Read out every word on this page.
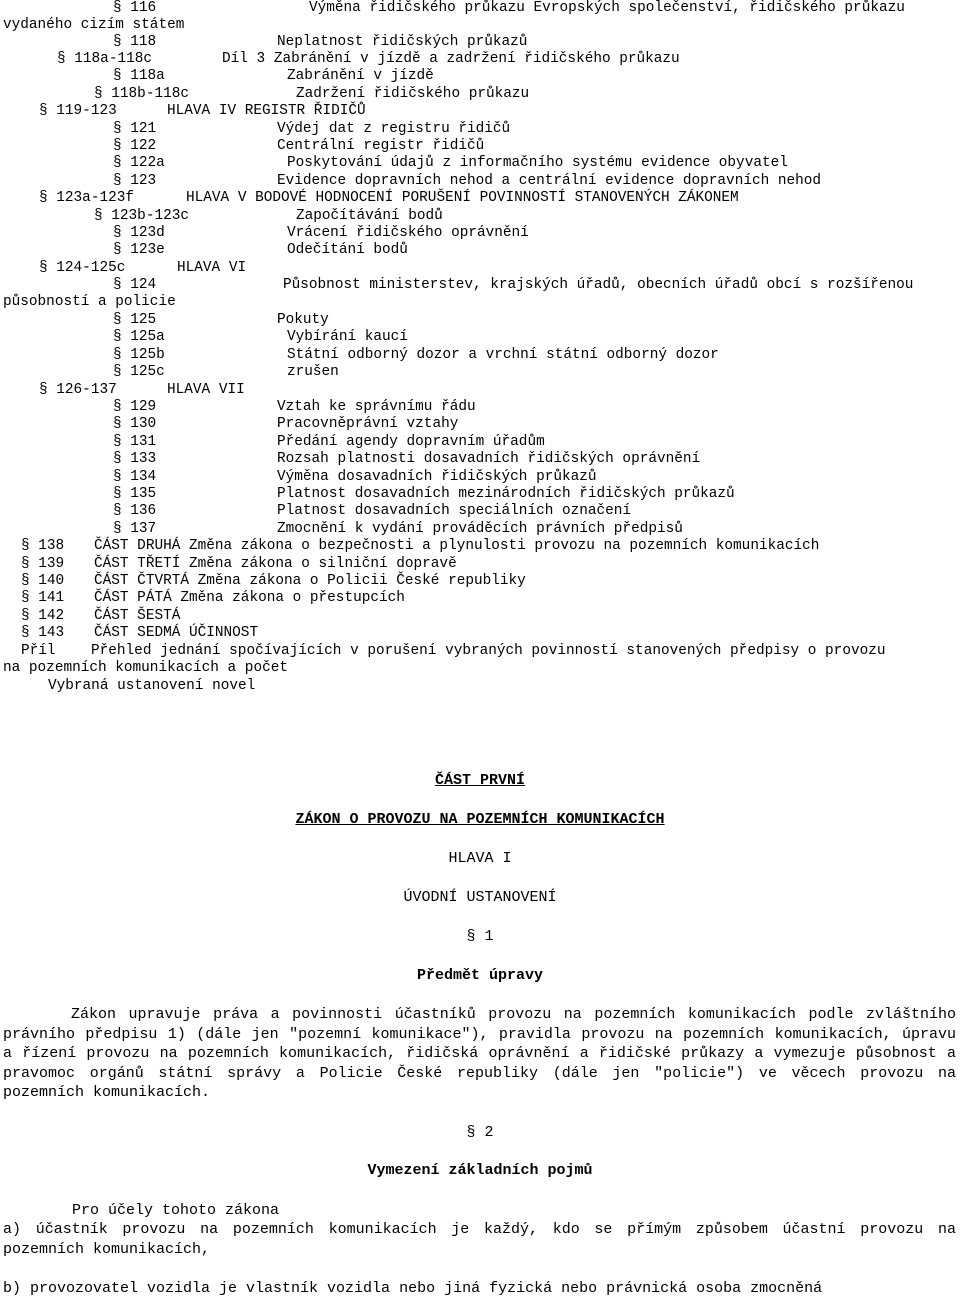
§ 116	Výměna řidičského průkazu Evropských společenství, řidičského průkazu
vydaného cizím státem
§ 118	Neplatnost řidičských průkazů
§ 118a-118c	Díl 3 Zabránění v jízdě a zadržení řidičského průkazu
§ 118a	Zabránění v jízdě
§ 118b-118c	Zadržení řidičského průkazu
§ 119-123	HLAVA IV REGISTR ŘIDIČŮ
§ 121	Výdej dat z registru řidičů
§ 122	Centrální registr řidičů
§ 122a	Poskytování údajů z informačního systému evidence obyvatel
§ 123	Evidence dopravních nehod a centrální evidence dopravních nehod
§ 123a-123f	HLAVA V BODOVÉ HODNOCENÍ PORUŠENÍ POVINNOSTÍ STANOVENÝCH ZÁKONEM
§ 123b-123c	Započítávání bodů
§ 123d	Vrácení řidičského oprávnění
§ 123e	Odečítání bodů
§ 124-125c	HLAVA VI
§ 124	Působnost ministerstev, krajských úřadů, obecních úřadů obcí s rozšířenou
působností a policie
§ 125	Pokuty
§ 125a	Vybírání kaucí
§ 125b	Státní odborný dozor a vrchní státní odborný dozor
§ 125c	zrušen
§ 126-137	HLAVA VII
§ 129	Vztah ke správnímu řádu
§ 130	Pracovněprávní vztahy
§ 131	Předání agendy dopravním úřadům
§ 133	Rozsah platnosti dosavadních řidičských oprávnění
§ 134	Výměna dosavadních řidičských průkazů
§ 135	Platnost dosavadních mezinárodních řidičských průkazů
§ 136	Platnost dosavadních speciálních označení
§ 137	Zmocnění k vydání prováděcích právních předpisů
§ 138 ČÁST DRUHÁ Změna zákona o bezpečnosti a plynulosti provozu na pozemních komunikacích
§ 139 ČÁST TŘETÍ Změna zákona o silniční dopravě
§ 140 ČÁST ČTVRTÁ Změna zákona o Policii České republiky
§ 141 ČÁST PÁTÁ Změna zákona o přestupcích
§ 142 ČÁST ŠESTÁ
§ 143 ČÁST SEDMÁ ÚČINNOST
Příl Přehled jednání spočívajících v porušení vybraných povinností stanovených předpisy o provozu
na pozemních komunikacích a počet
Vybraná ustanovení novel
ČÁST PRVNÍ
ZÁKON O PROVOZU NA POZEMNÍCH KOMUNIKACÍCH
HLAVA I
ÚVODNÍ USTANOVENÍ
§ 1
Předmět úpravy
Zákon upravuje práva a povinnosti účastníků provozu na pozemních komunikacích podle zvláštního právního předpisu 1) (dále jen "pozemní komunikace"), pravidla provozu na pozemních komunikacích, úpravu a řízení provozu na pozemních komunikacích, řidičská oprávnění a řidičské průkazy a vymezuje působnost a pravomoc orgánů státní správy a Policie České republiky (dále jen "policie") ve věcech provozu na pozemních komunikacích.
§ 2
Vymezení základních pojmů
Pro účely tohoto zákona
a) účastník provozu na pozemních komunikacích je každý, kdo se přímým způsobem účastní provozu na pozemních komunikacích,
b) provozovatel vozidla je vlastník vozidla nebo jiná fyzická nebo právnická osoba zmocněná
